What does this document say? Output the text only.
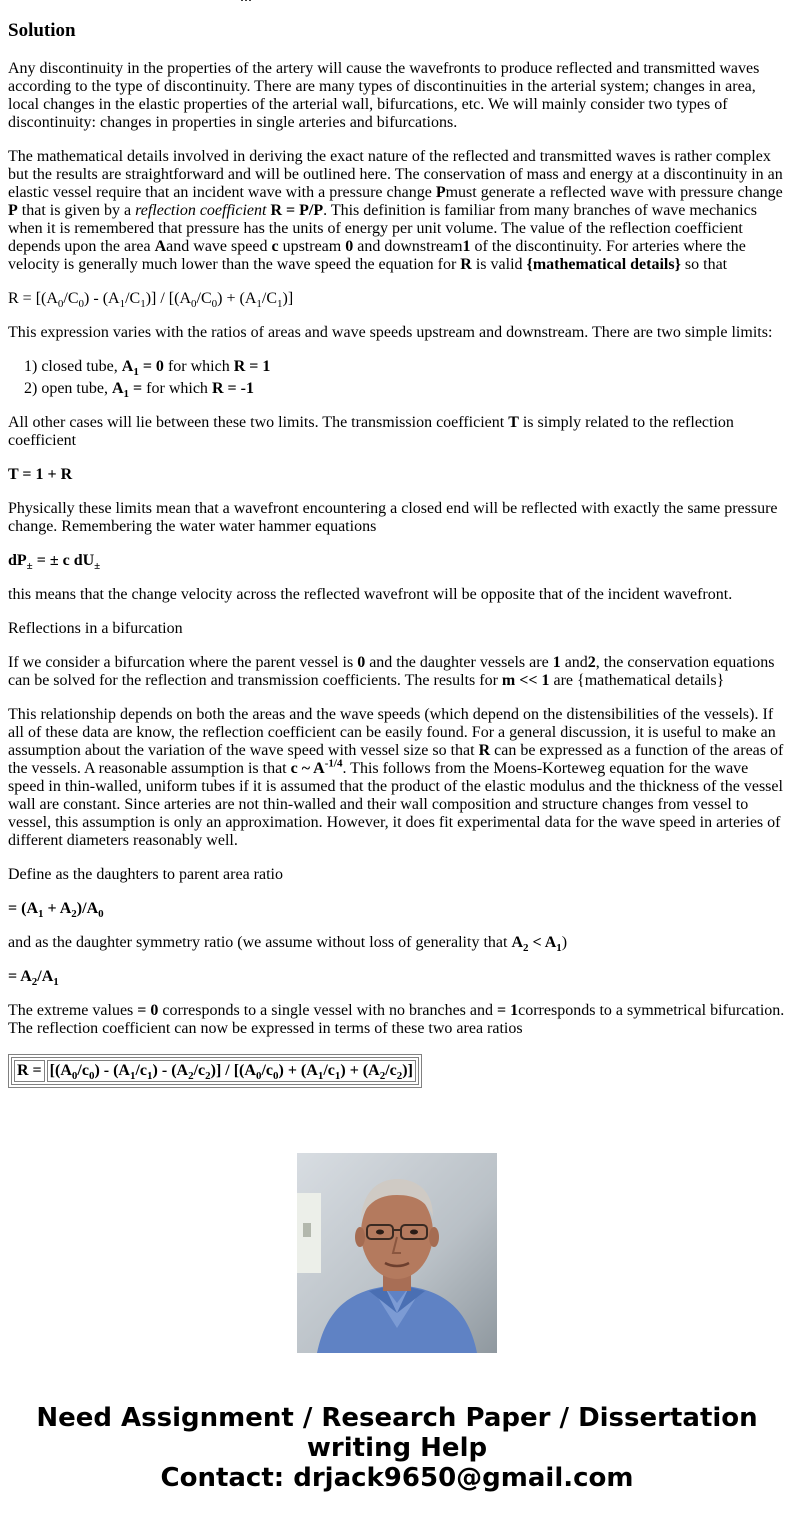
Solution

Any discontinuity in the properties of the artery will cause the wavefronts to produce reflected and transmitted waves according to the type of discontinuity. There are many types of discontinuities in the arterial system; changes in area, local changes in the elastic properties of the arterial wall, bifurcations, etc. We will mainly consider two types of discontinuity: changes in properties in single arteries and bifurcations.

The mathematical details involved in deriving the exact nature of the reflected and transmitted waves is rather complex but the results are straightforward and will be outlined here. The conservation of mass and energy at a discontinuity in an elastic vessel require that an incident wave with a pressure change Pmust generate a reflected wave with pressure change P that is given by a reflection coefficient R = P/P. This definition is familiar from many branches of wave mechanics when it is remembered that pressure has the units of energy per unit volume. The value of the reflection coefficient depends upon the area Aand wave speed c upstream 0 and downstream1 of the discontinuity. For arteries where the velocity is generally much lower than the wave speed the equation for R is valid {mathematical details} so that

$R = [(A_0/C_0) - (A_1/C_1)] / [(A_0/C_0) + (A_1/C_1)]$

This expression varies with the ratios of areas and wave speeds upstream and downstream. There are two simple limits:

1) closed tube, $A_1 = 0$ for which R = 1
2) open tube, $A_1$ = for which R = -1

All other cases will lie between these two limits. The transmission coefficient T is simply related to the reflection coefficient

T = 1 + R

Physically these limits mean that a wavefront encountering a closed end will be reflected with exactly the same pressure change. Remembering the water water hammer equations

$dP_\pm$ = ± c $dU_\pm$

this means that the change velocity across the reflected wavefront will be opposite that of the incident wavefront.

Reflections in a bifurcation

If we consider a bifurcation where the parent vessel is 0 and the daughter vessels are 1 and2, the conservation equations can be solved for the reflection and transmission coefficients. The results for m << 1 are {mathematical details}

This relationship depends on both the areas and the wave speeds (which depend on the distensibilities of the vessels). If all of these data are know, the reflection coefficient can be easily found. For a general discussion, it is useful to make an assumption about the variation of the wave speed with vessel size so that R can be expressed as a function of the areas of the vessels. A reasonable assumption is that c ~ $A^{-1/4}$. This follows from the Moens-Korteweg equation for the wave speed in thin-walled, uniform tubes if it is assumed that the product of the elastic modulus and the thickness of the vessel wall are constant. Since arteries are not thin-walled and their wall composition and structure changes from vessel to vessel, this assumption is only an approximation. However, it does fit experimental data for the wave speed in arteries of different diameters reasonably well.

Define as the daughters to parent area ratio

= $(A_1 + A_2)/A_0$

and as the daughter symmetry ratio (we assume without loss of generality that $A_2 < A_1$)

= $A_2/A_1$

The extreme values = 0 corresponds to a single vessel with no branches and = 1corresponds to a symmetrical bifurcation. The reflection coefficient can now be expressed in terms of these two area ratios

R =	$[(A_0/c_0) - (A_1/c_1) - (A_2/c_2)] / [(A_0/c_0) + (A_1/c_1) + (A_2/c_2)]$
Need Assignment / Research Paper / Dissertation
writing Help
Contact: drjack9650@gmail.com
